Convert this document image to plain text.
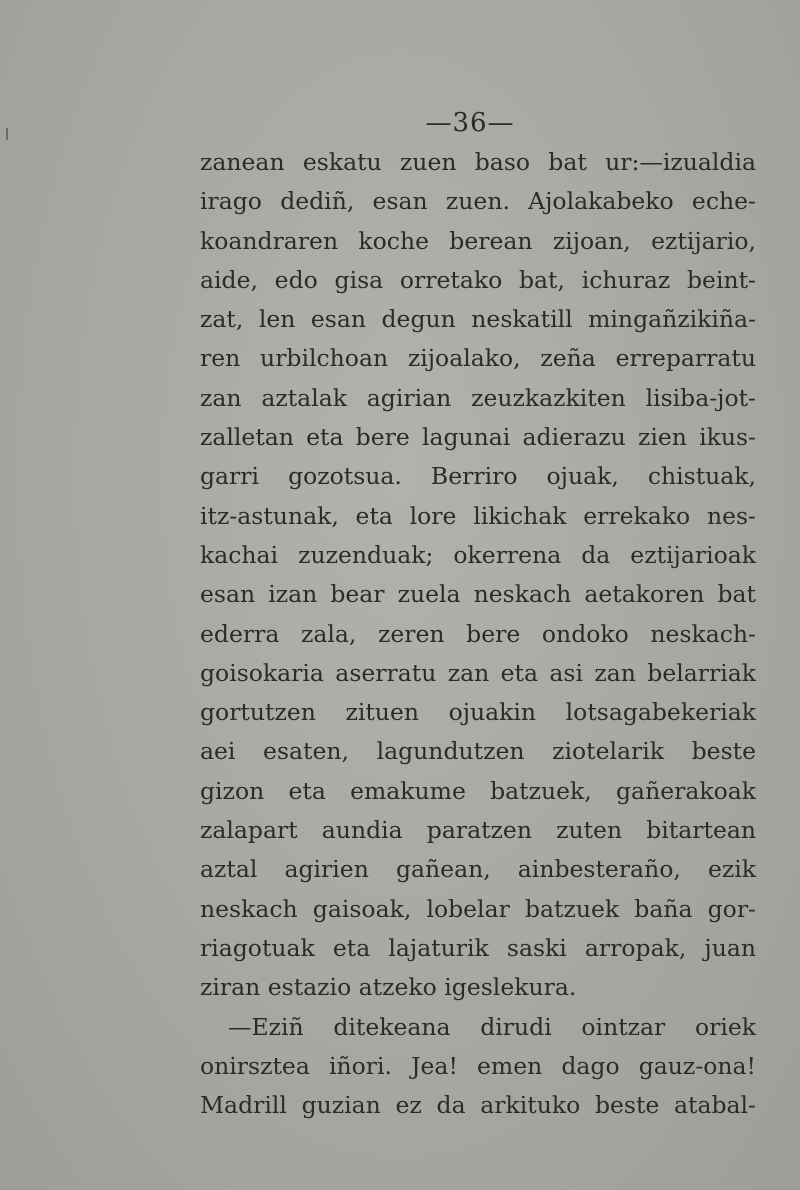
—36—
zanean eskatu zuen baso bat ur:—izualdia
irago dediñ, esan zuen. Ajolakabeko eche-
koandraren koche berean zijoan, eztijario,
aide, edo gisa orretako bat, ichuraz beint-
zat, len esan degun neskatill mingañzikiña-
ren urbilchoan zijoalako, zeña erreparratu
zan aztalak agirian zeuzkazkiten lisiba-jot-
zalletan eta bere lagunai adierazu zien ikus-
garri gozotsua. Berriro ojuak, chistuak,
itz-astunak, eta lore likichak errekako nes-
kachai zuzenduak; okerrena da eztijarioak
esan izan bear zuela neskach aetakoren bat
ederra zala, zeren bere ondoko neskach-
goisokaria aserratu zan eta asi zan belarriak
gortutzen zituen ojuakin lotsagabekeriak
aei esaten, lagundutzen ziotelarik beste
gizon eta emakume batzuek, gañerakoak
zalapart aundia paratzen zuten bitartean
aztal agirien gañean, ainbesteraño, ezik
neskach gaisoak, lobelar batzuek baña gor-
riagotuak eta lajaturik saski arropak, juan
ziran estazio atzeko igeslekura.
—Eziñ ditekeana dirudi ointzar oriek
onirsztea iñori. Jea! emen dago gauz-ona!
Madrill guzian ez da arkituko beste atabal-
